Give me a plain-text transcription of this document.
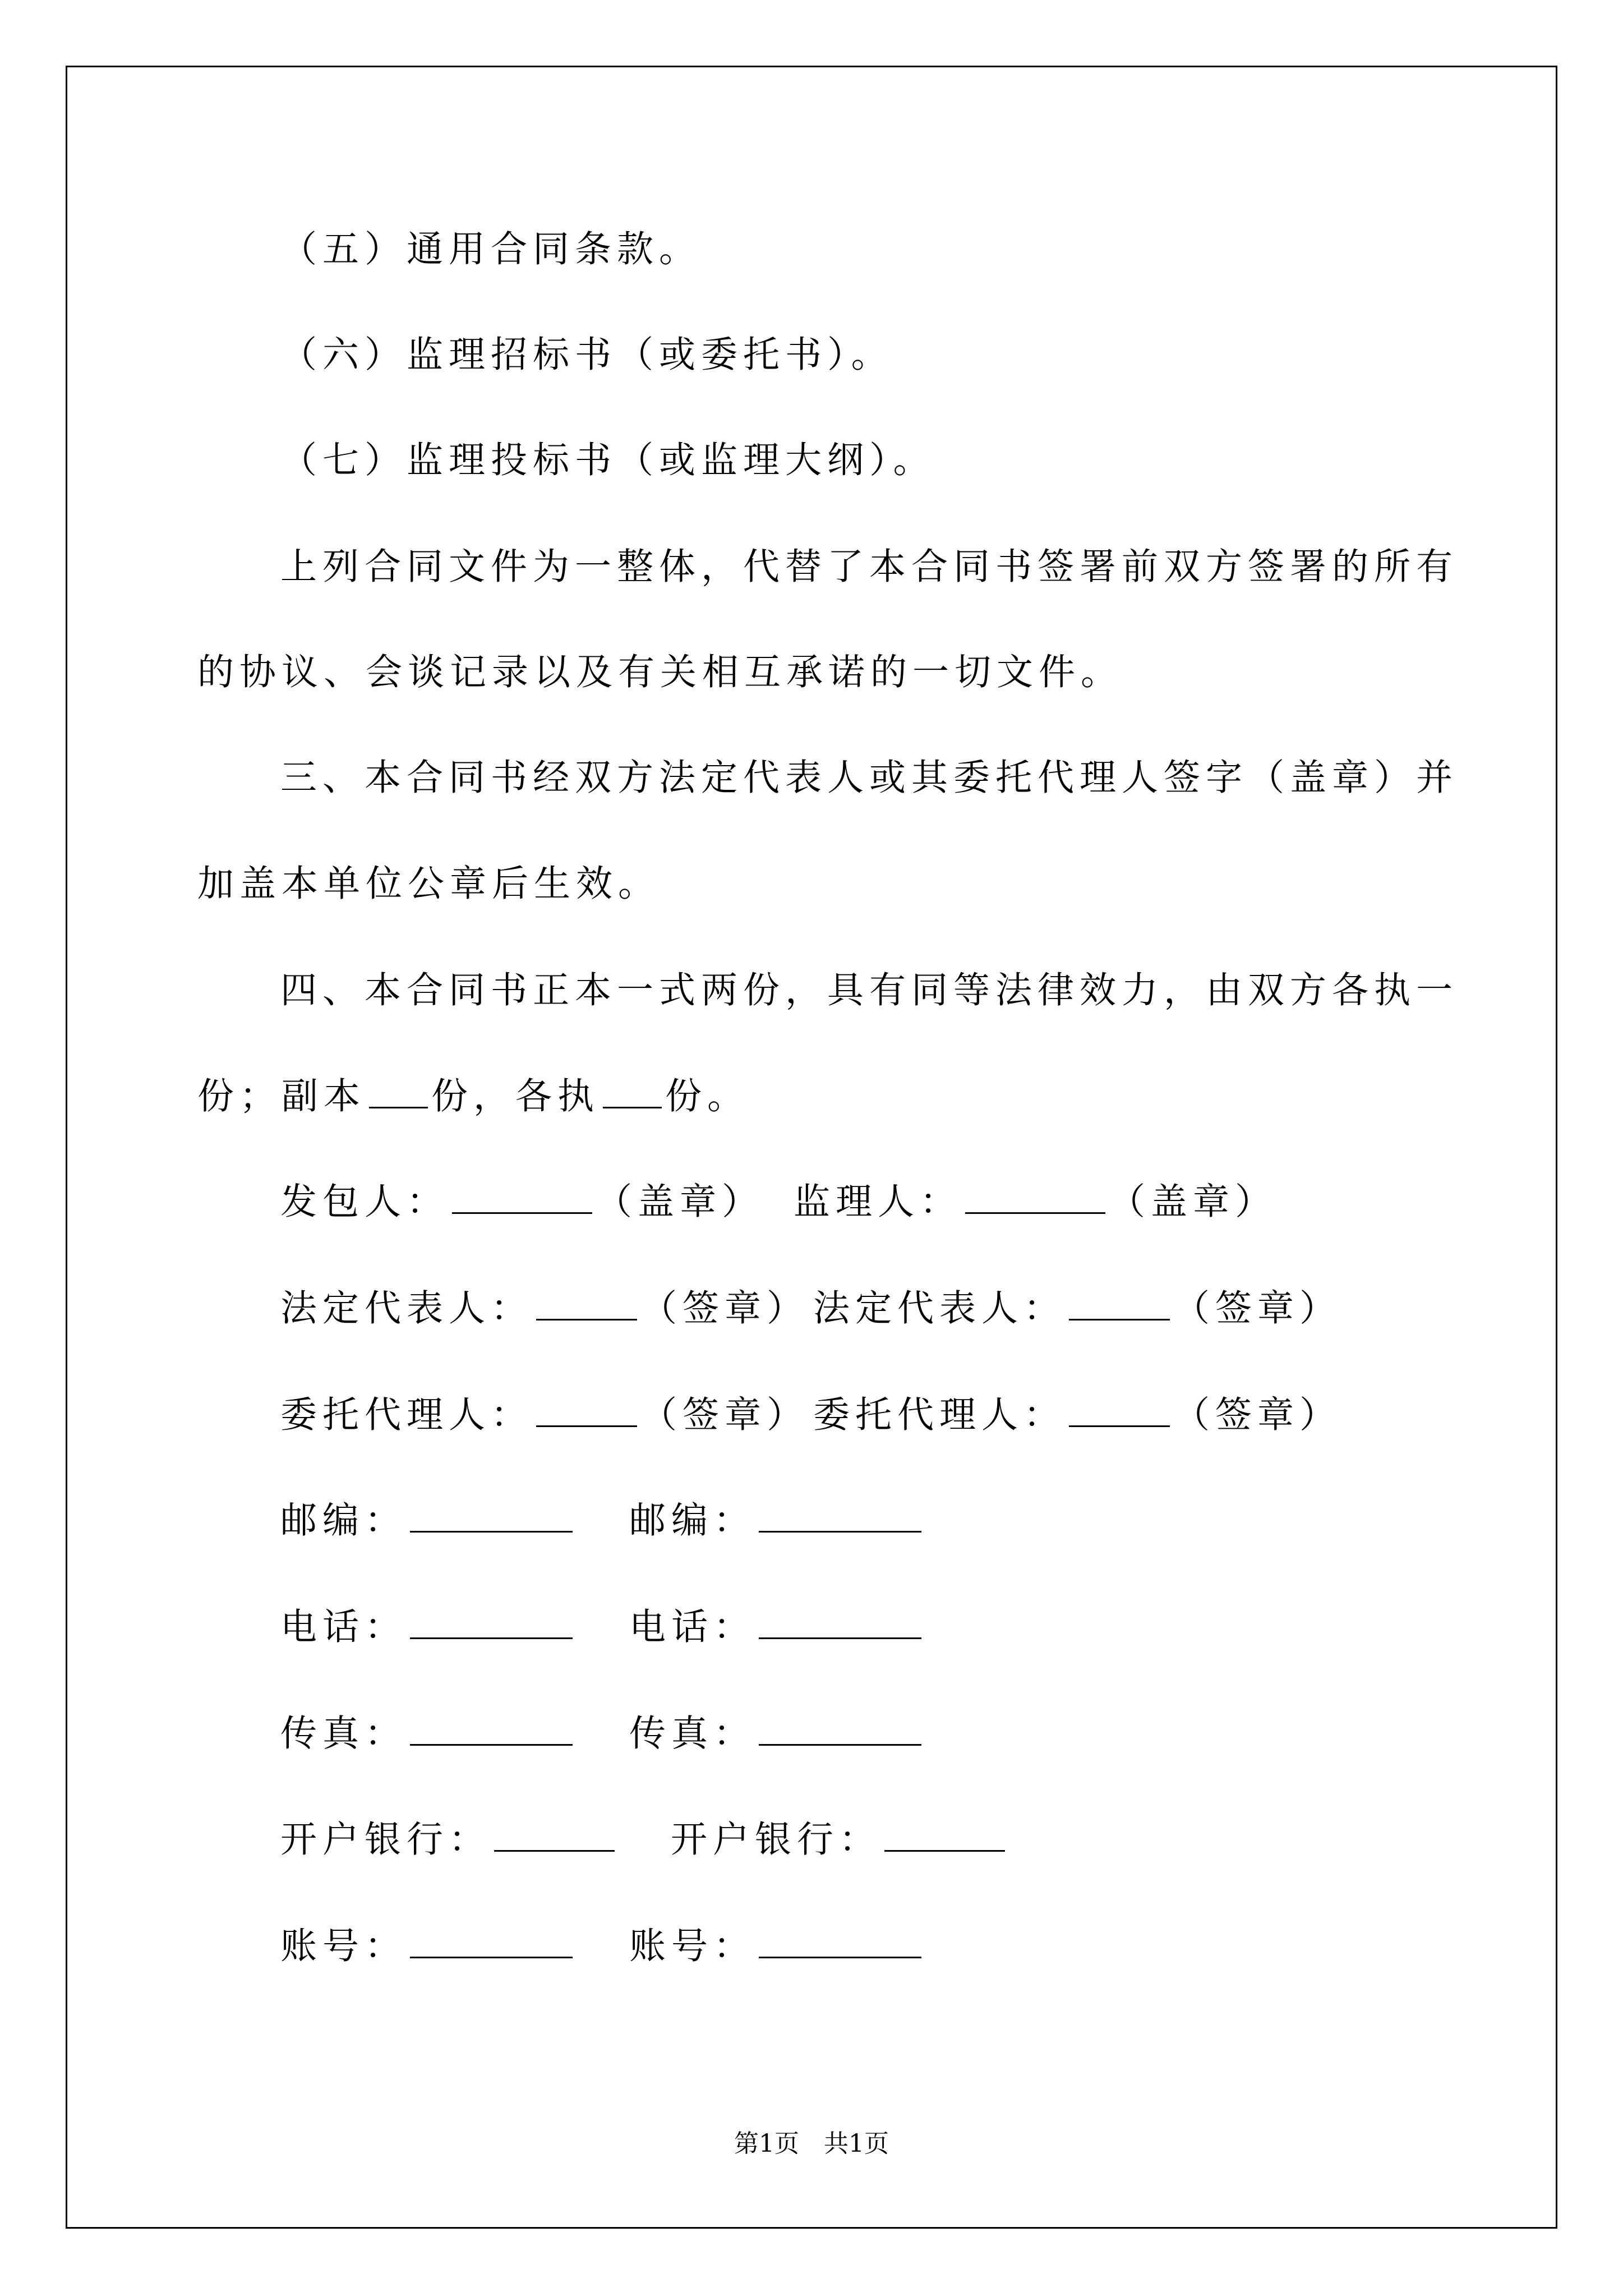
（五）通用合同条款。
（六）监理招标书（或委托书）。
（七）监理投标书（或监理大纲）。
上列合同文件为一整体，代替了本合同书签署前双方签署的所有
的协议、会谈记录以及有关相互承诺的一切文件。
三、本合同书经双方法定代表人或其委托代理人签字（盖章）并
加盖本单位公章后生效。
四、本合同书正本一式两份，具有同等法律效力，由双方各执一
份；副本 份，各执 份。
发包人：	（盖章） 监理人：	（盖章）
法定代表人：	（签章） 法定代表人：	（签章）
委托代理人：	（签章） 委托代理人：	（签章）
邮编：	邮编：
电话：	电话：
传真：	传真：
开户银行：	开户银行：
账号：	账号：
第1页　共1页
